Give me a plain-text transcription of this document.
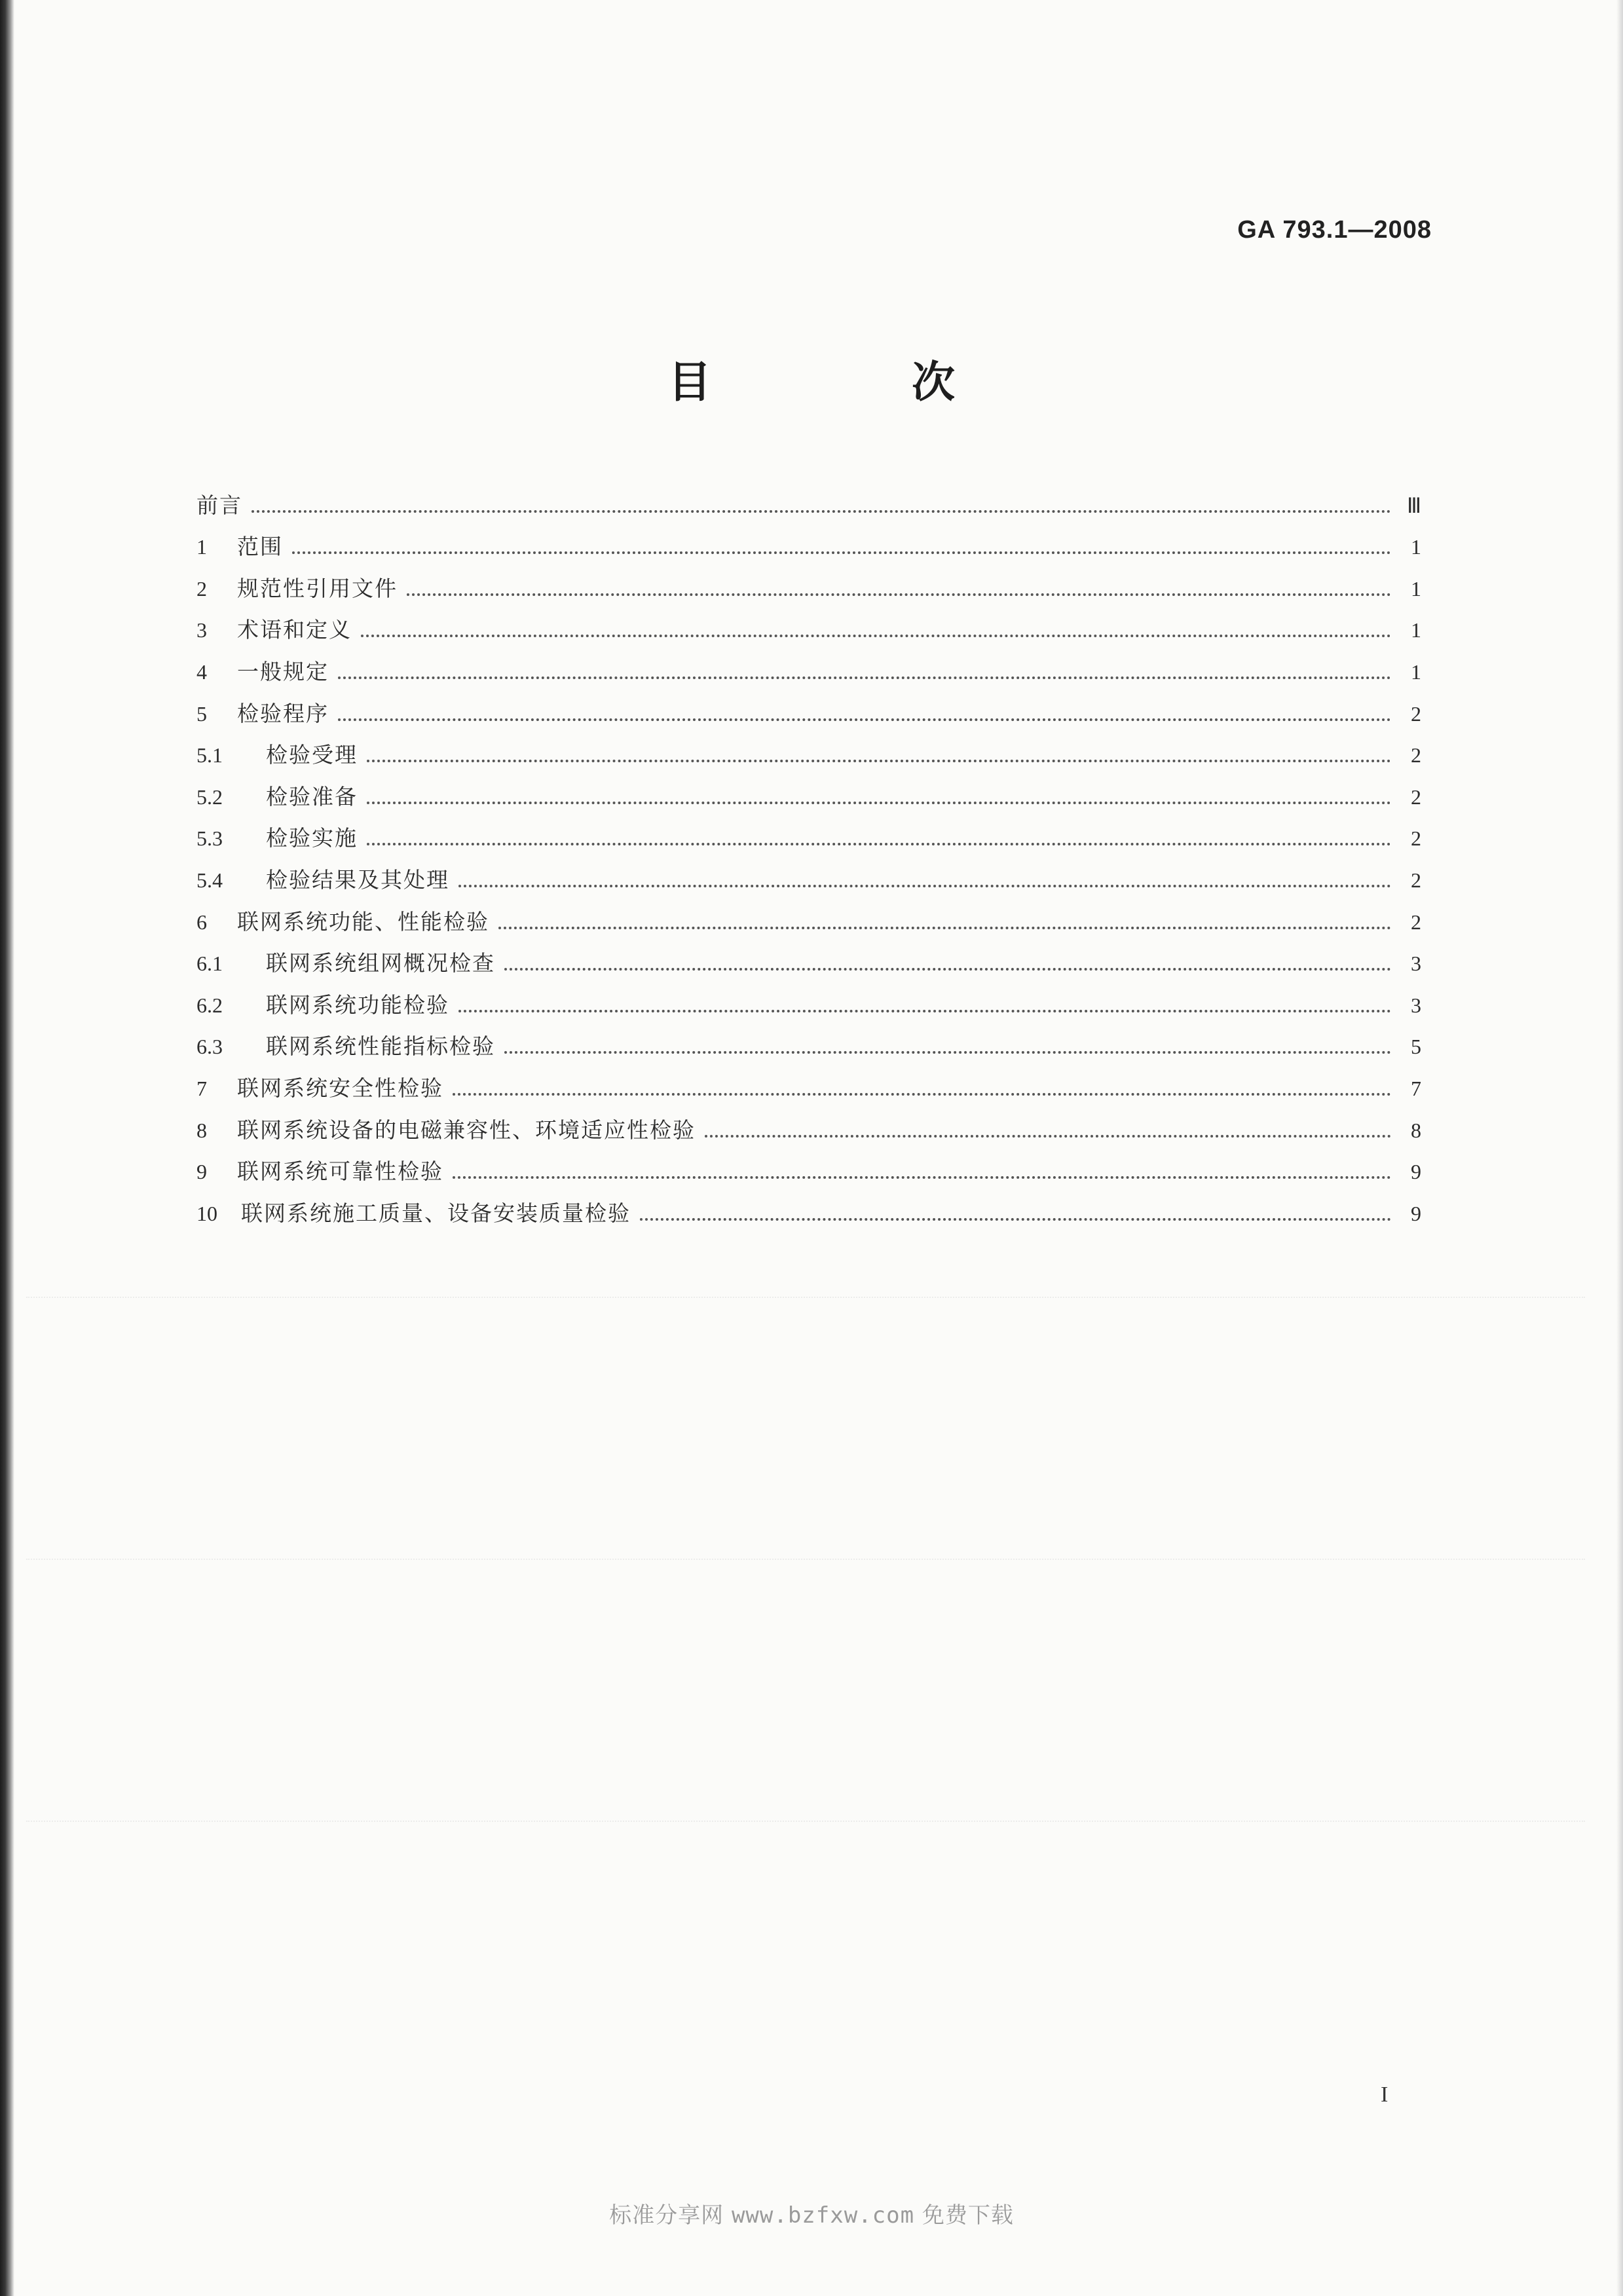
GA 793.1—2008
目　次
前言	Ⅲ
1	范围	1
2	规范性引用文件	1
3	术语和定义	1
4	一般规定	1
5	检验程序	2
5.1	检验受理	2
5.2	检验准备	2
5.3	检验实施	2
5.4	检验结果及其处理	2
6	联网系统功能、性能检验	2
6.1	联网系统组网概况检查	3
6.2	联网系统功能检验	3
6.3	联网系统性能指标检验	5
7	联网系统安全性检验	7
8	联网系统设备的电磁兼容性、环境适应性检验	8
9	联网系统可靠性检验	9
10	联网系统施工质量、设备安装质量检验	9
I
标准分享网 www.bzfxw.com 免费下载
